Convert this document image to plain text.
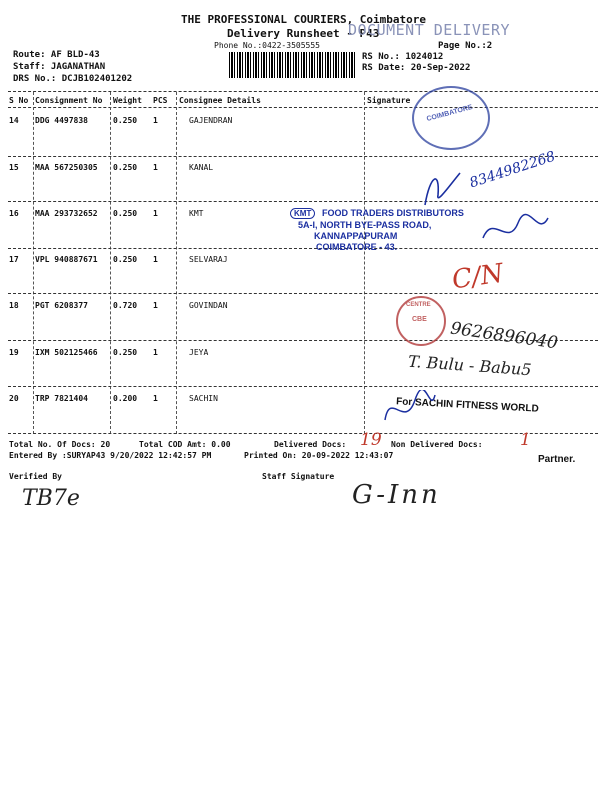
THE PROFESSIONAL COURIERS, Coimbatore
Delivery Runsheet - P43
DOCUMENT DELIVERY
Phone No.:0422-3505555	Page No.:2
Route: AF BLD-43
Staff: JAGANATHAN
DRS No.: DCJB102401202
RS No.: 1024012
RS Date: 20-Sep-2022
S No Consignment No Weight PCS Consignee Details	Signature
14 DDG 4497838	0.250 1	GAJENDRAN
15 MAA 567250305 0.250 1	KANAL
16 MAA 293732652 0.250 1	KMT
17 VPL 940887671 0.250 1	SELVARAJ
18 PGT 6208377	0.720 1	GOVINDAN
19 IXM 502125466 0.250 1	JEYA
20 TRP 7821404	0.200 1	SACHIN
COIMBATORE
8344982268
KMT	FOOD TRADERS DISTRIBUTORS
5A-I, NORTH BYE-PASS ROAD,
KANNAPPAPURAM
COIMBATORE - 43.
C/N
CENTRE
CBE 9626896040
T. Bulu - Babu5
For SACHIN FITNESS WORLD
Total No. Of Docs: 20	Total COD Amt: 0.00	Delivered Docs: 19 Non Delivered Docs: 1
Partner.
Entered By :SURYAP43 9/20/2022 12:42:57 PM	Printed On: 20-09-2022 12:43:07
Verified By	Staff Signature
TB7e	G-Inn
